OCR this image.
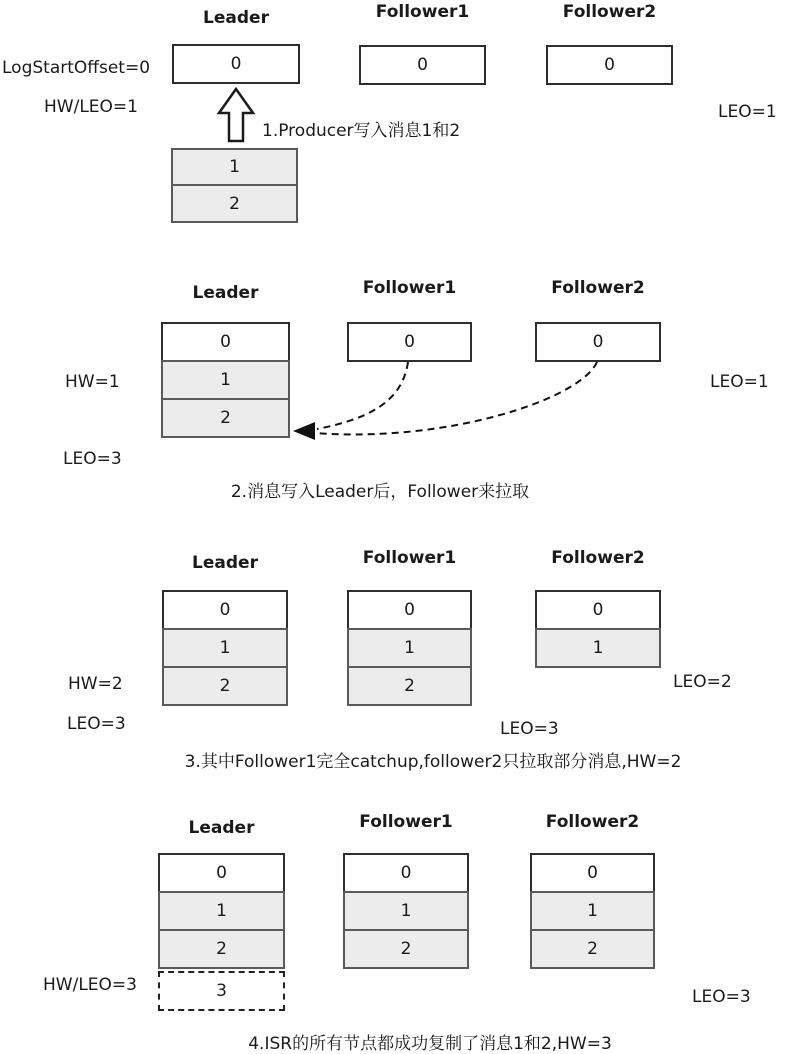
Leader	Follower1	Follower2
LogStartOffset=0
HW/LEO=1	LEO=1
0	0	0
1.Producer写入消息1和2
1
2
Leader	Follower1	Follower2
0
1
2
0	0
HW=1
LEO=3
LEO=1
2.消息写入Leader后，Follower来拉取
Leader	Follower1	Follower2
0
1
2
0
1
2
0
1
HW=2
LEO=3	LEO=3
LEO=2
3.其中Follower1完全catchup,follower2只拉取部分消息,HW=2
Leader	Follower1	Follower2
0
1
2
3
0
1
2
0
1
2
HW/LEO=3
LEO=3
4.ISR的所有节点都成功复制了消息1和2,HW=3
